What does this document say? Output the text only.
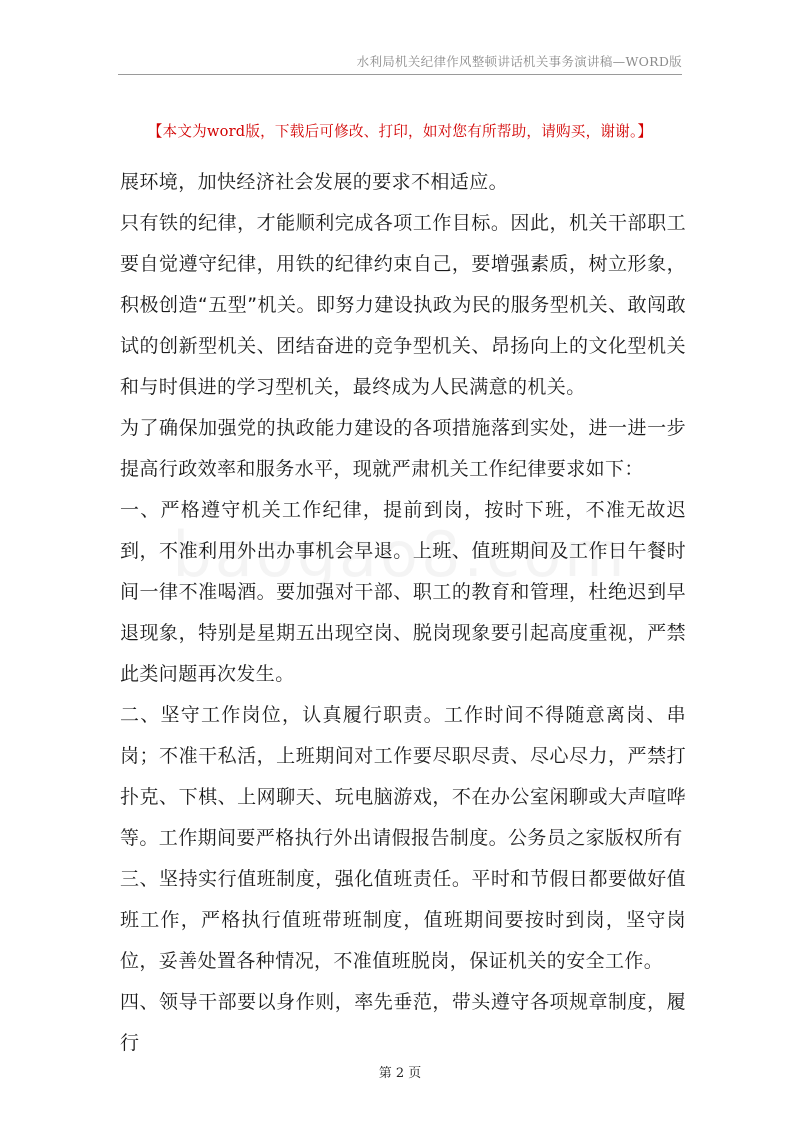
水利局机关纪律作风整顿讲话机关事务演讲稿—WORD版
【本文为word版，下载后可修改、打印，如对您有所帮助，请购买，谢谢。】

展环境，加快经济社会发展的要求不相适应。

只有铁的纪律，才能顺利完成各项工作目标。因此，机关干部职工要自觉遵守纪律，用铁的纪律约束自己，要增强素质，树立形象，积极创造“五型”机关。即努力建设执政为民的服务型机关、敢闯敢试的创新型机关、团结奋进的竞争型机关、昂扬向上的文化型机关和与时俱进的学习型机关，最终成为人民满意的机关。

为了确保加强党的执政能力建设的各项措施落到实处，进一进一步提高行政效率和服务水平，现就严肃机关工作纪律要求如下：

一、严格遵守机关工作纪律，提前到岗，按时下班，不准无故迟到，不准利用外出办事机会早退。上班、值班期间及工作日午餐时间一律不准喝酒。要加强对干部、职工的教育和管理，杜绝迟到早退现象，特别是星期五出现空岗、脱岗现象要引起高度重视，严禁此类问题再次发生。

二、坚守工作岗位，认真履行职责。工作时间不得随意离岗、串岗；不准干私活，上班期间对工作要尽职尽责、尽心尽力，严禁打扑克、下棋、上网聊天、玩电脑游戏，不在办公室闲聊或大声喧哗等。工作期间要严格执行外出请假报告制度。公务员之家版权所有

三、坚持实行值班制度，强化值班责任。平时和节假日都要做好值班工作，严格执行值班带班制度，值班期间要按时到岗，坚守岗位，妥善处置各种情况，不准值班脱岗，保证机关的安全工作。

四、领导干部要以身作则，率先垂范，带头遵守各项规章制度，履行

第 2 页
